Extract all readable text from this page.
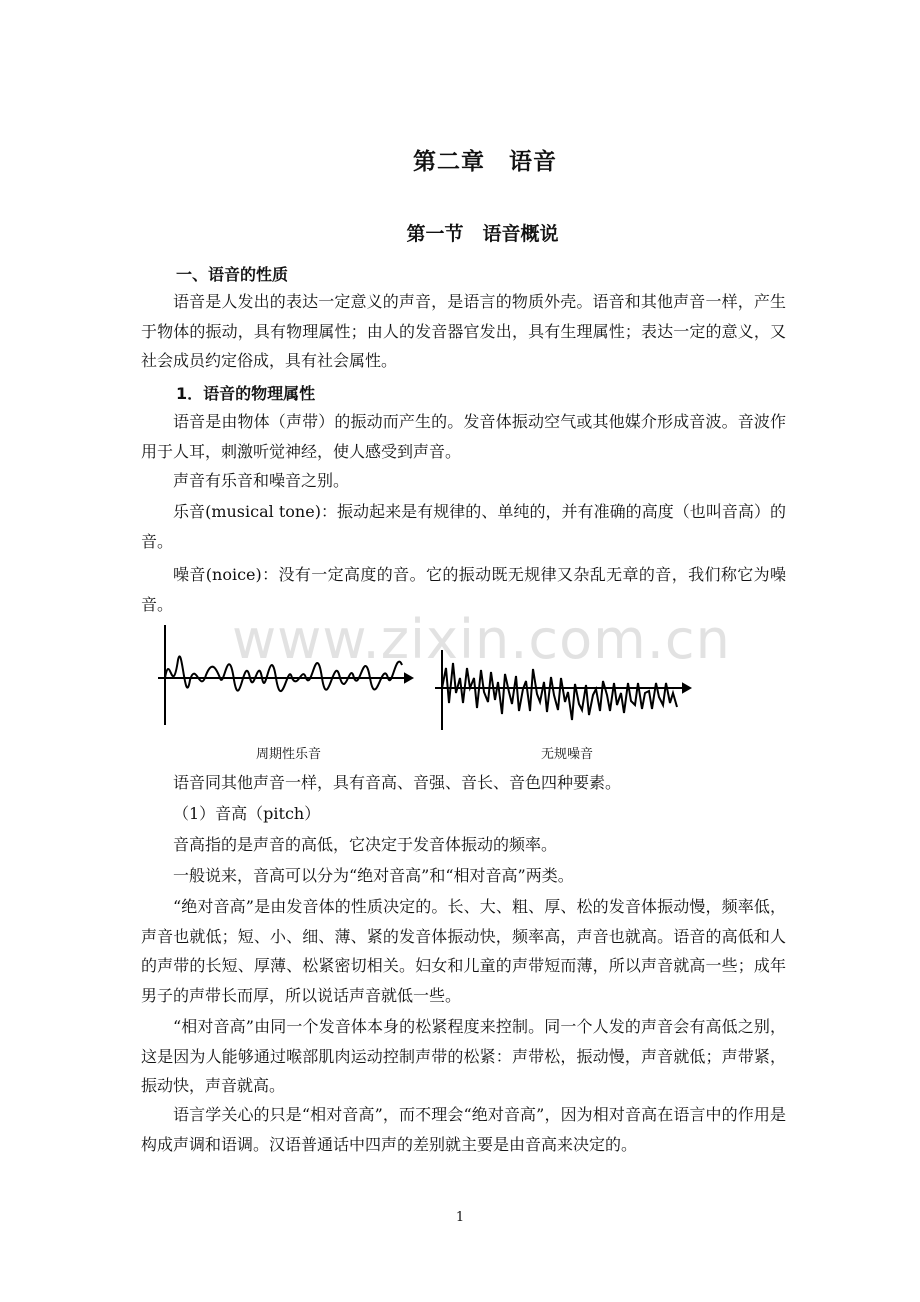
第二章　语音
第一节　语音概说
一、语音的性质
语音是人发出的表达一定意义的声音，是语言的物质外壳。语音和其他声音一样，产生于物体的振动，具有物理属性；由人的发音器官发出，具有生理属性；表达一定的意义，又社会成员约定俗成，具有社会属性。
1．语音的物理属性
语音是由物体（声带）的振动而产生的。发音体振动空气或其他媒介形成音波。音波作用于人耳，刺激听觉神经，使人感受到声音。
声音有乐音和噪音之别。
乐音(musical tone)：振动起来是有规律的、单纯的，并有准确的高度（也叫音高）的音。
噪音(noice)：没有一定高度的音。它的振动既无规律又杂乱无章的音，我们称它为噪音。
www.zixin.com.cn
周期性乐音	无规噪音
语音同其他声音一样，具有音高、音强、音长、音色四种要素。
（1）音高（pitch）
音高指的是声音的高低，它决定于发音体振动的频率。
一般说来，音高可以分为“绝对音高”和“相对音高”两类。
“绝对音高”是由发音体的性质决定的。长、大、粗、厚、松的发音体振动慢，频率低，声音也就低；短、小、细、薄、紧的发音体振动快，频率高，声音也就高。语音的高低和人的声带的长短、厚薄、松紧密切相关。妇女和儿童的声带短而薄，所以声音就高一些；成年男子的声带长而厚，所以说话声音就低一些。
“相对音高”由同一个发音体本身的松紧程度来控制。同一个人发的声音会有高低之别，这是因为人能够通过喉部肌肉运动控制声带的松紧：声带松，振动慢，声音就低；声带紧，振动快，声音就高。
语言学关心的只是“相对音高”，而不理会“绝对音高”，因为相对音高在语言中的作用是构成声调和语调。汉语普通话中四声的差别就主要是由音高来决定的。
1
